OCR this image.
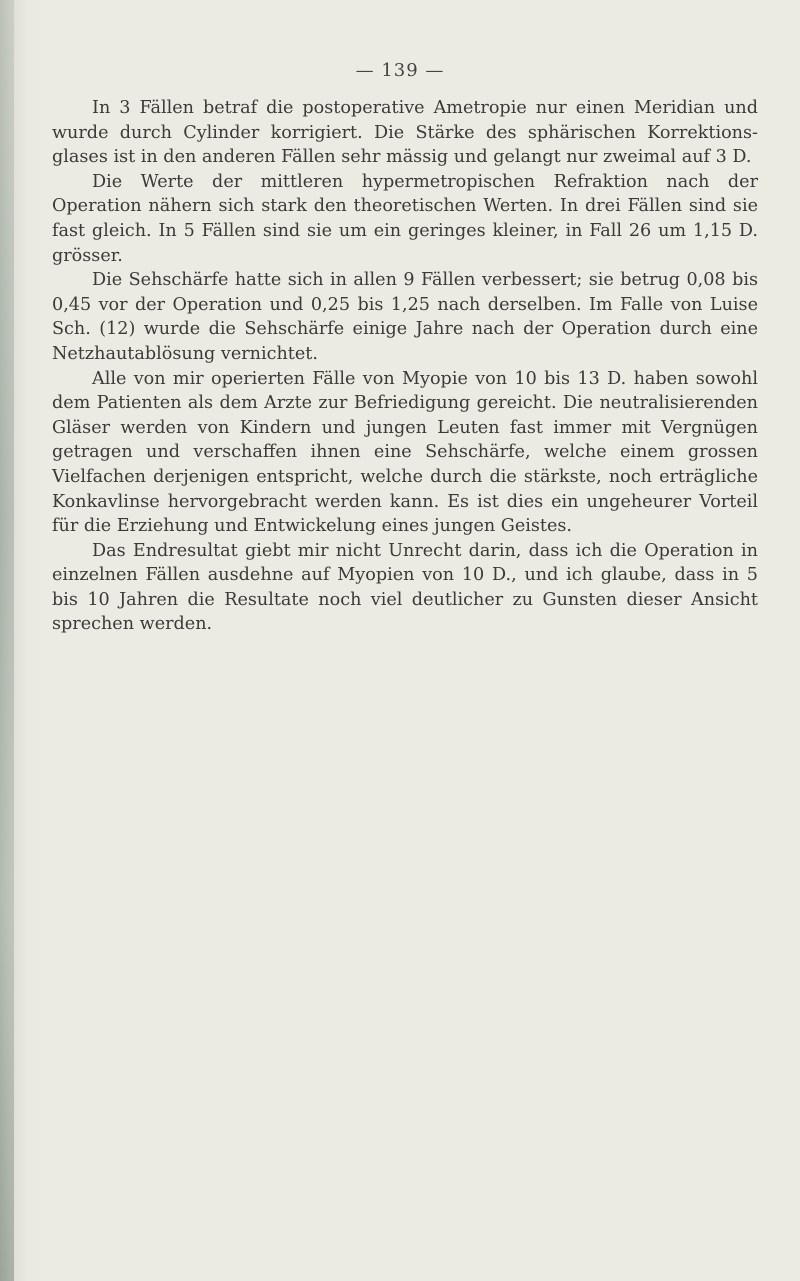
— 139 —

In 3 Fällen betraf die postoperative Ametropie nur einen Meridian und wurde durch Cylinder korrigiert. Die Stärke des sphärischen Korrektionsglases ist in den anderen Fällen sehr mässig und gelangt nur zweimal auf 3 D.

Die Werte der mittleren hypermetropischen Refraktion nach der Operation nähern sich stark den theoretischen Werten. In drei Fällen sind sie fast gleich. In 5 Fällen sind sie um ein geringes kleiner, in Fall 26 um 1,15 D. grösser.

Die Sehschärfe hatte sich in allen 9 Fällen verbessert; sie betrug 0,08 bis 0,45 vor der Operation und 0,25 bis 1,25 nach derselben. Im Falle von Luise Sch. (12) wurde die Sehschärfe einige Jahre nach der Operation durch eine Netzhautablösung vernichtet.

Alle von mir operierten Fälle von Myopie von 10 bis 13 D. haben sowohl dem Patienten als dem Arzte zur Befriedigung gereicht. Die neutralisierenden Gläser werden von Kindern und jungen Leuten fast immer mit Vergnügen getragen und verschaffen ihnen eine Sehschärfe, welche einem grossen Vielfachen derjenigen entspricht, welche durch die stärkste, noch erträgliche Konkavlinse hervorgebracht werden kann. Es ist dies ein ungeheurer Vorteil für die Erziehung und Entwickelung eines jungen Geistes.

Das Endresultat giebt mir nicht Unrecht darin, dass ich die Operation in einzelnen Fällen ausdehne auf Myopien von 10 D., und ich glaube, dass in 5 bis 10 Jahren die Resultate noch viel deutlicher zu Gunsten dieser Ansicht sprechen werden.
